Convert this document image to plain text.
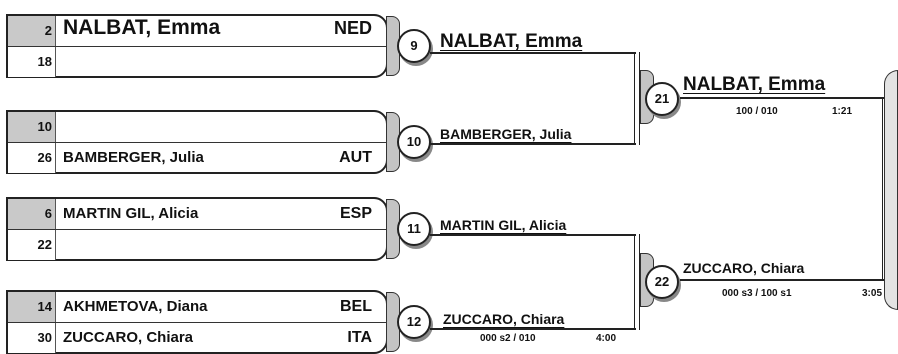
2 NALBAT, Emma	NED
18
10
26 BAMBERGER, Julia	AUT
6 MARTIN GIL, Alicia	ESP
22
14 AKHMETOVA, Diana	BEL
30 ZUCCARO, Chiara	ITA
9
10
11
12
NALBAT, Emma
BAMBERGER, Julia
MARTIN GIL, Alicia
ZUCCARO, Chiara
000 s2 / 010	4:00
21
NALBAT, Emma
100 / 010	1:21
22
ZUCCARO, Chiara
000 s3 / 100 s1	3:05
